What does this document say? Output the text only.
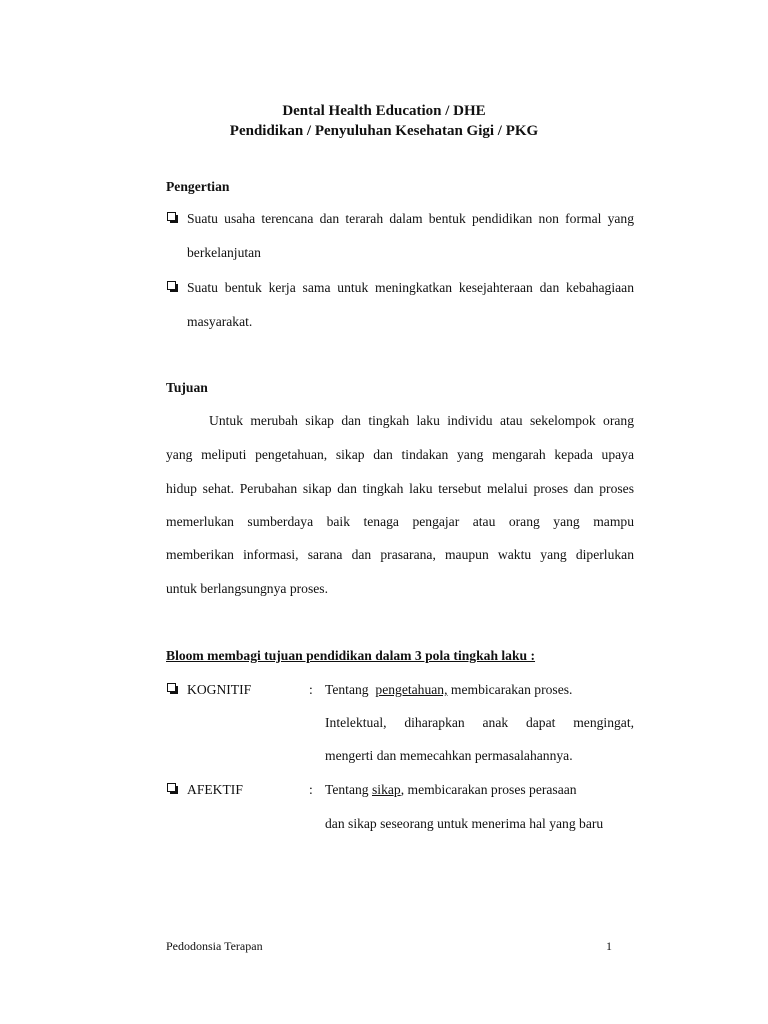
Dental Health Education / DHE
Pendidikan / Penyuluhan Kesehatan Gigi / PKG
Pengertian
Suatu usaha terencana dan terarah dalam bentuk pendidikan non formal yang
berkelanjutan
Suatu bentuk kerja sama untuk meningkatkan kesejahteraan dan kebahagiaan
masyarakat.
Tujuan
Untuk merubah sikap dan tingkah laku individu atau sekelompok orang
yang meliputi pengetahuan, sikap dan tindakan yang mengarah kepada upaya
hidup sehat. Perubahan sikap dan tingkah laku tersebut melalui proses dan proses
memerlukan sumberdaya baik tenaga pengajar atau orang yang mampu
memberikan informasi, sarana dan prasarana, maupun waktu yang diperlukan
untuk berlangsungnya proses.
Bloom membagi tujuan pendidikan dalam 3 pola tingkah laku :
KOGNITIF	: Tentang pengetahuan, membicarakan proses.
Intelektual, diharapkan anak dapat mengingat,
mengerti dan memecahkan permasalahannya.
AFEKTIF	: Tentang sikap, membicarakan proses perasaan
dan sikap seseorang untuk menerima hal yang baru
Pedodonsia Terapan	1
